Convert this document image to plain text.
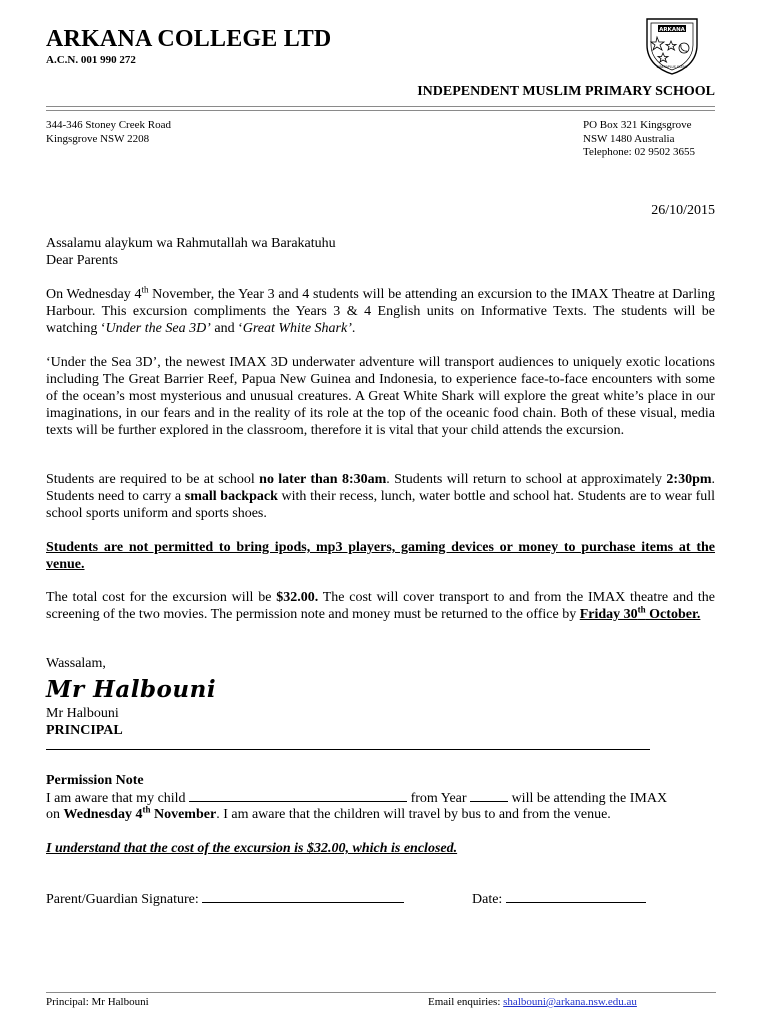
ARKANA COLLEGE LTD
A.C.N. 001 990 272
ARKANA
SIBERAPLUS SCENE
INDEPENDENT MUSLIM PRIMARY SCHOOL
344-346 Stoney Creek Road
Kingsgrove NSW 2208
PO Box 321 Kingsgrove
NSW 1480 Australia
Telephone: 02 9502 3655
26/10/2015
Assalamu alaykum wa Rahmutallah wa Barakatuhu
Dear Parents
On Wednesday 4th November, the Year 3 and 4 students will be attending an excursion to the IMAX Theatre at Darling Harbour. This excursion compliments the Years 3 & 4 English units on Informative Texts. The students will be watching ‘Under the Sea 3D’ and ‘Great White Shark’.
‘Under the Sea 3D’, the newest IMAX 3D underwater adventure will transport audiences to uniquely exotic locations including The Great Barrier Reef, Papua New Guinea and Indonesia, to experience face-to-face encounters with some of the ocean’s most mysterious and unusual creatures. A Great White Shark will explore the great white’s place in our imaginations, in our fears and in the reality of its role at the top of the oceanic food chain. Both of these visual, media texts will be further explored in the classroom, therefore it is vital that your child attends the excursion.
Students are required to be at school no later than 8:30am. Students will return to school at approximately 2:30pm. Students need to carry a small backpack with their recess, lunch, water bottle and school hat. Students are to wear full school sports uniform and sports shoes.
Students are not permitted to bring ipods, mp3 players, gaming devices or money to purchase items at the venue.
The total cost for the excursion will be $32.00. The cost will cover transport to and from the IMAX theatre and the screening of the two movies. The permission note and money must be returned to the office by Friday 30th October.
Wassalam,
Mr Halbouni
Mr Halbouni
PRINCIPAL
Permission Note
I am aware that my child	from Year	will be attending the IMAX
on Wednesday 4th November. I am aware that the children will travel by bus to and from the venue.
I understand that the cost of the excursion is $32.00, which is enclosed.
Parent/Guardian Signature:	Date:
Principal: Mr Halbouni	Email enquiries: shalbouni@arkana.nsw.edu.au
